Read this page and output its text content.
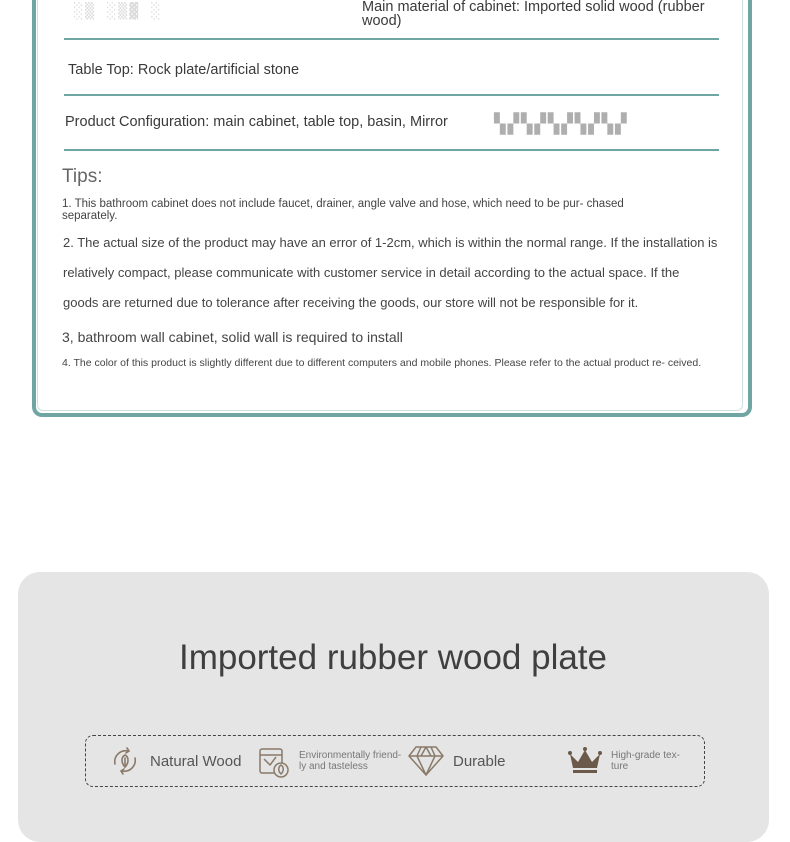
░▒ ░▒▓ ░	Main material of cabinet: Imported solid wood (rubber wood)
Table Top: Rock plate/artificial stone
Product Configuration: main cabinet, table top, basin, Mirror ▚▞▚▞▚▞▚▞▚▞
Tips:
1. This bathroom cabinet does not include faucet, drainer, angle valve and hose, which need to be pur- chased separately.
2. The actual size of the product may have an error of 1-2cm, which is within the normal range. If the installation is relatively compact, please communicate with customer service in detail according to the actual space. If the goods are returned due to tolerance after receiving the goods, our store will not be responsible for it.
3, bathroom wall cabinet, solid wall is required to install
4. The color of this product is slightly different due to different computers and mobile phones. Please refer to the actual product re- ceived.
Imported rubber wood plate
Natural Wood	Environmentally friend- ly and tasteless	Durable	High-grade tex- ture
